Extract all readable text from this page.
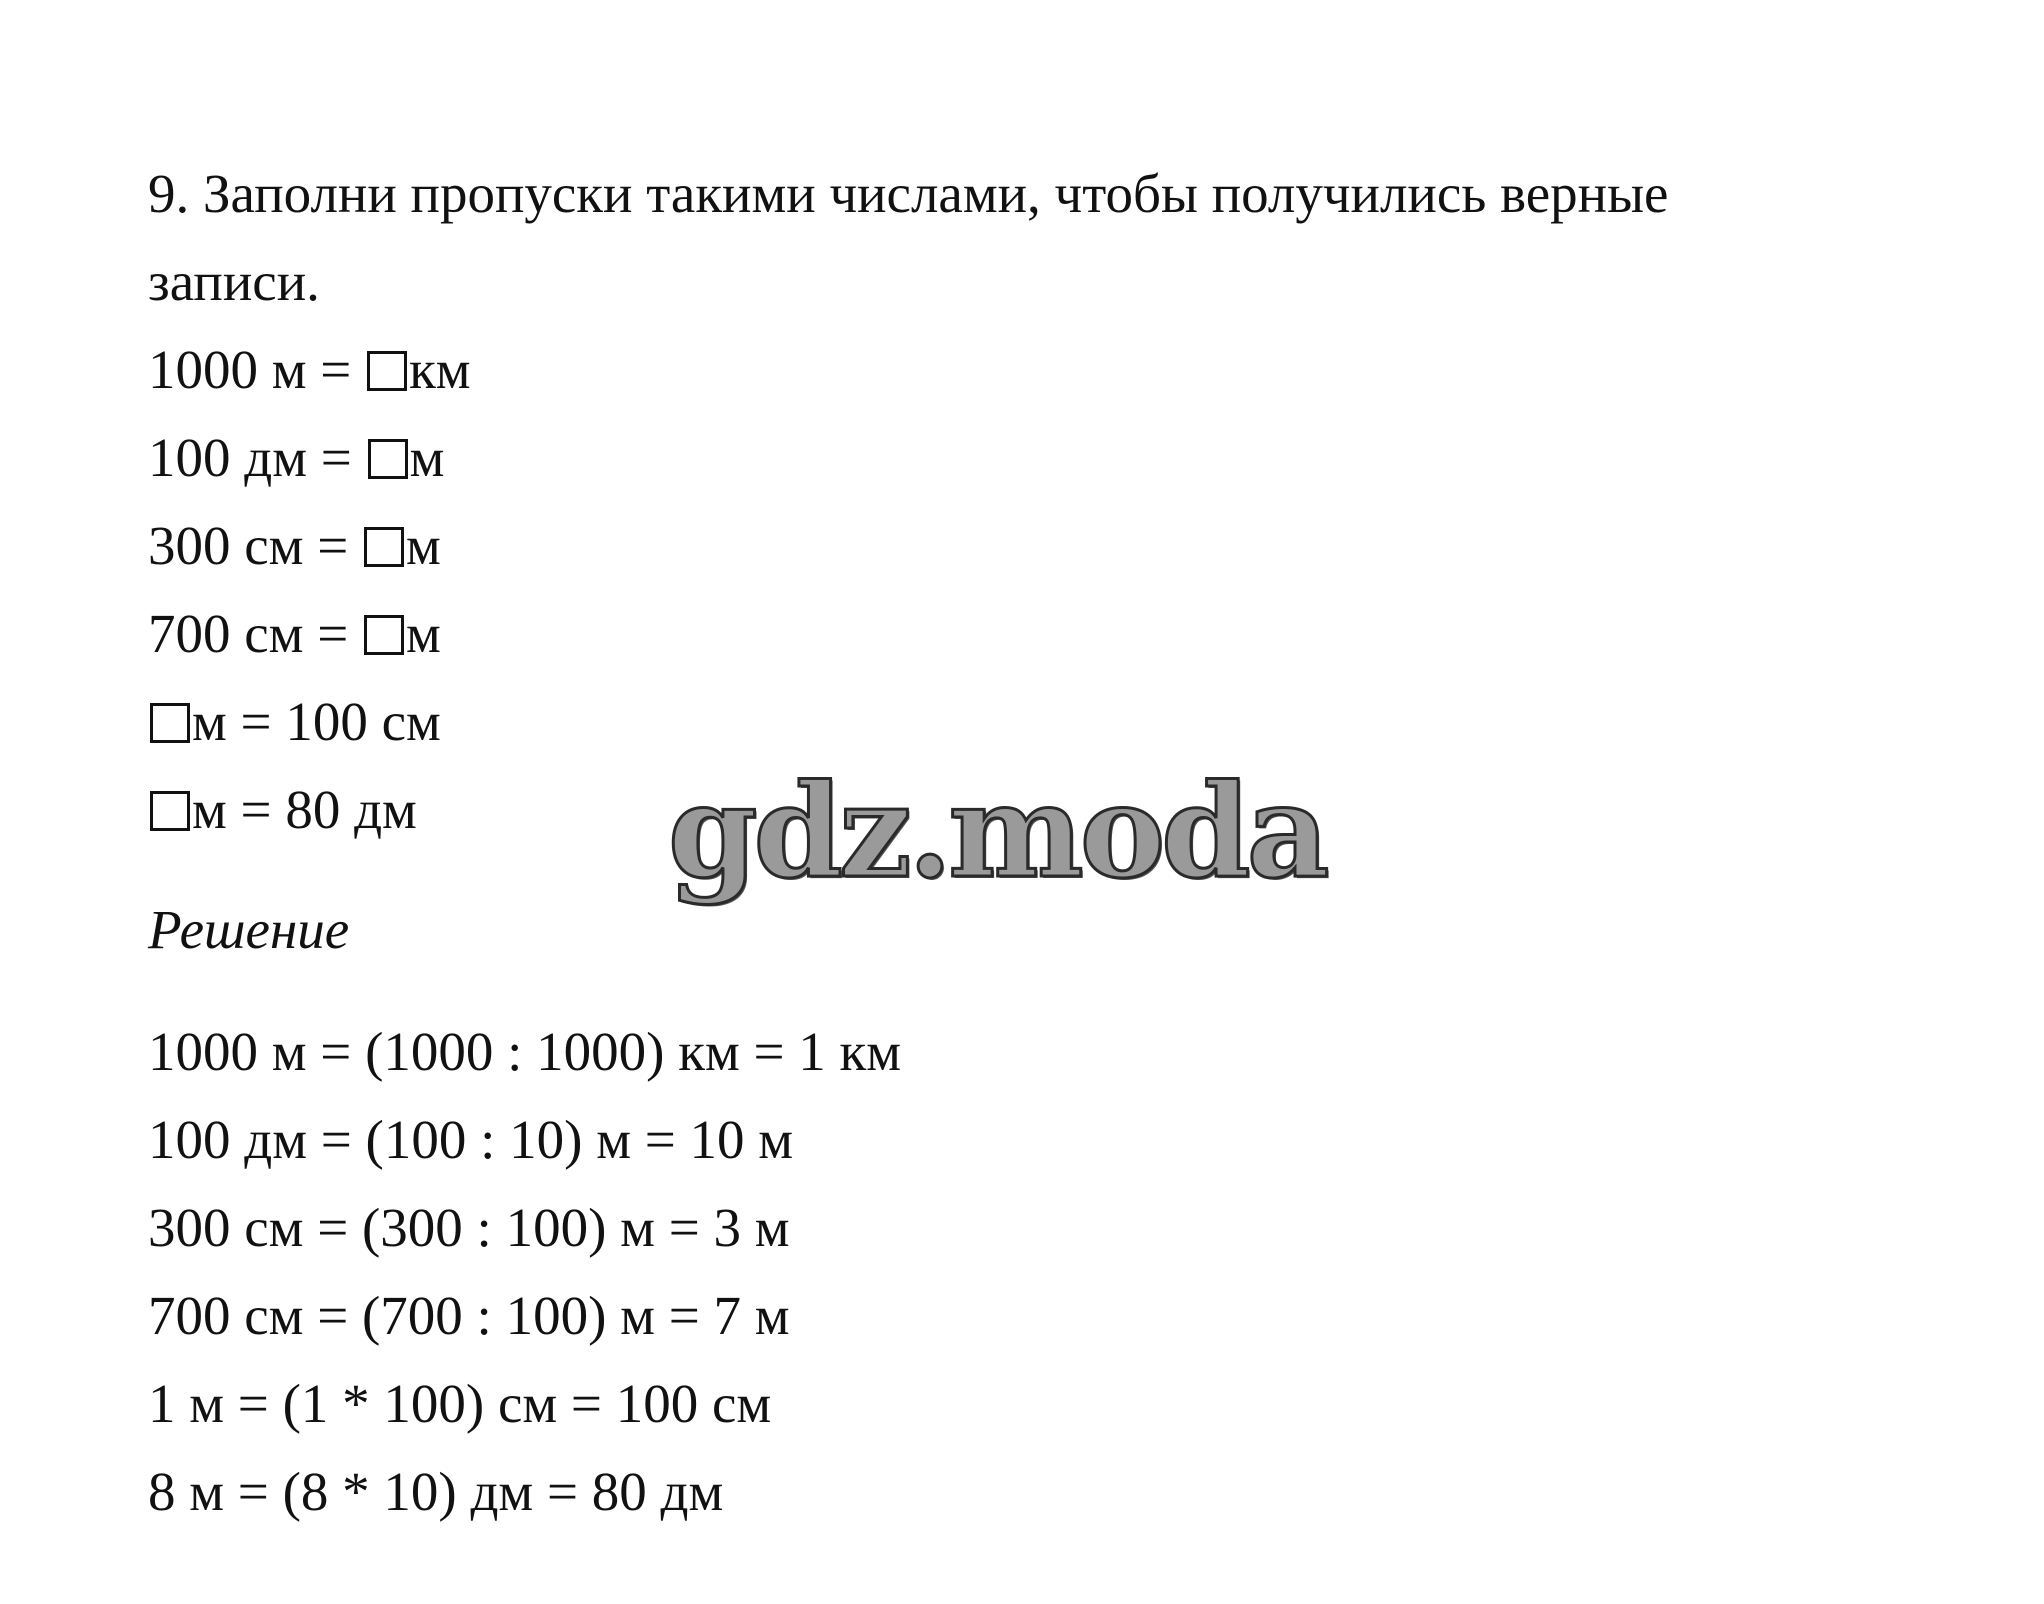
9. Заполни пропуски такими числами, чтобы получились верные
записи.
1000 м = км
100 дм = м
300 см = м
700 см = м
м = 100 см
м = 80 дм gdz.moda
Решение
1000 м = (1000 : 1000) км = 1 км
100 дм = (100 : 10) м = 10 м
300 см = (300 : 100) м = 3 м
700 см = (700 : 100) м = 7 м
1 м = (1 * 100) см = 100 см
8 м = (8 * 10) дм = 80 дм
